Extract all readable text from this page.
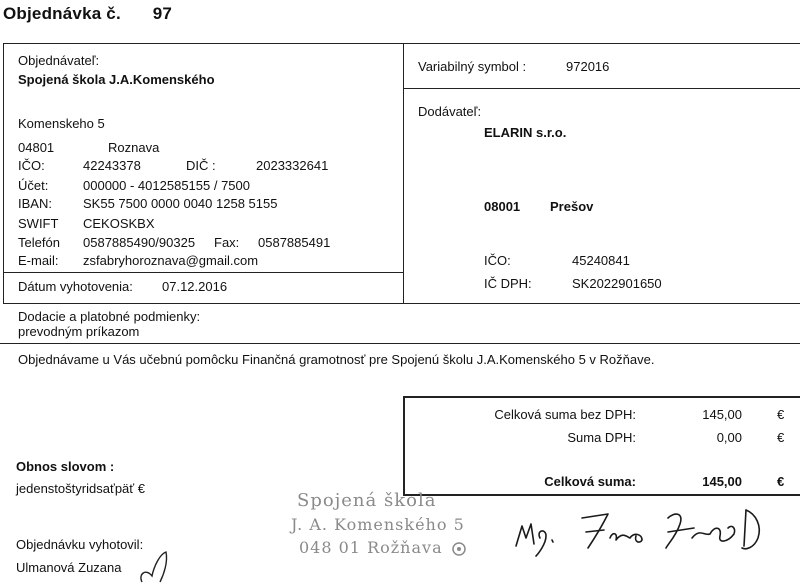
Objednávka č. 97
Objednávateľ:
Spojená škola J.A.Komenského
Komenskeho 5
04801	Roznava
IČO:	42243378	DIČ :	2023332641
Účet:	000000 - 4012585155 / 7500
IBAN: SK55 7500 0000 0040 1258 5155
SWIFT CEKOSKBX
Telefón 0587885490/90325 Fax: 0587885491
E-mail: zsfabryhoroznava@gmail.com
Dátum vyhotovenia: 07.12.2016
Variabilný symbol :	972016
Dodávateľ:
ELARIN s.r.o.
08001 Prešov
IČO:	45240841
IČ DPH:	SK2022901650
Dodacie a platobné podmienky:
prevodným príkazom
Objednávame u Vás učebnú pomôcku Finančná gramotnosť pre Spojenú školu J.A.Komenského 5 v Rožňave.
Celková suma bez DPH:	145,00	€
Suma DPH:	0,00	€
Celková suma:	145,00	€
Obnos slovom :
jedenstoštyridsaťpäť €
Objednávku vyhotovil:
Ulmanová Zuzana
Spojená škola
J. A. Komenského 5
048 01 Rožňava
